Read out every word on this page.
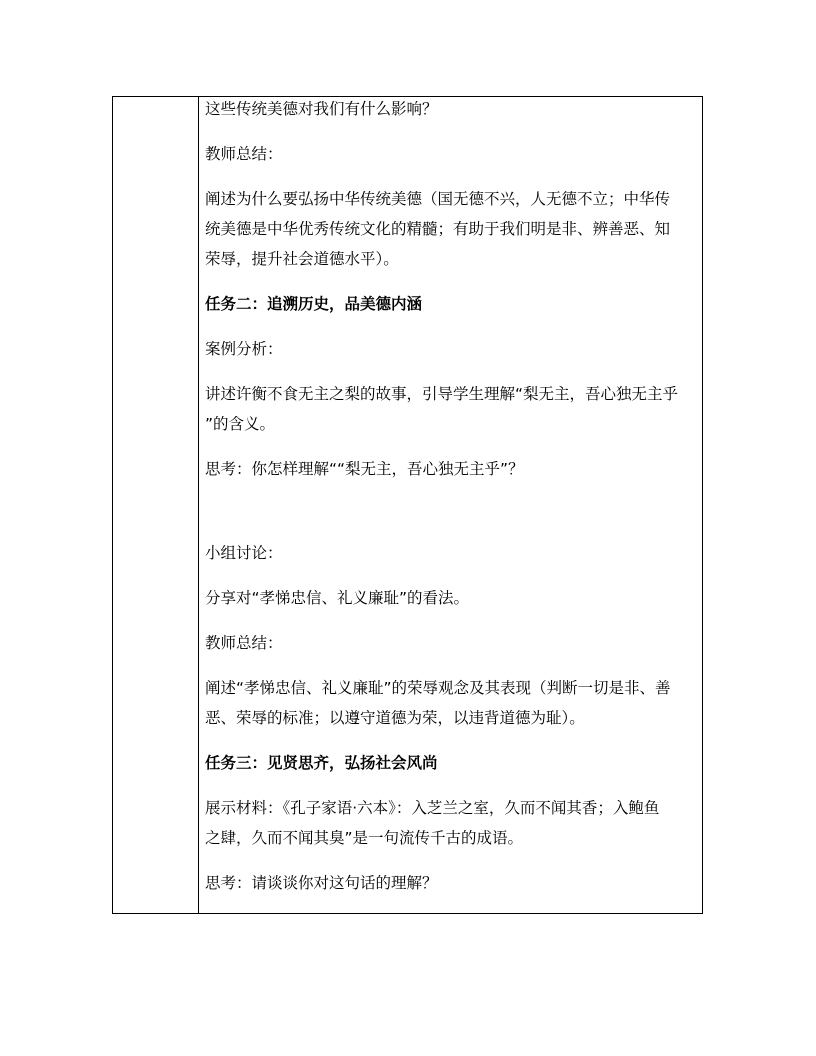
这些传统美德对我们有什么影响？
教师总结：
阐述为什么要弘扬中华传统美德（国无德不兴，人无德不立；中华传
统美德是中华优秀传统文化的精髓；有助于我们明是非、辨善恶、知
荣辱，提升社会道德水平）。
任务二：追溯历史，品美德内涵
案例分析：
讲述许衡不食无主之梨的故事，引导学生理解“梨无主，吾心独无主乎
”的含义。
思考：你怎样理解““梨无主，吾心独无主乎”？
小组讨论：
分享对“孝悌忠信、礼义廉耻”的看法。
教师总结：
阐述“孝悌忠信、礼义廉耻”的荣辱观念及其表现（判断一切是非、善
恶、荣辱的标准；以遵守道德为荣，以违背道德为耻）。
任务三：见贤思齐，弘扬社会风尚
展示材料：《孔子家语·六本》：入芝兰之室，久而不闻其香；入鲍鱼
之肆，久而不闻其臭”是一句流传千古的成语。
思考：请谈谈你对这句话的理解？
